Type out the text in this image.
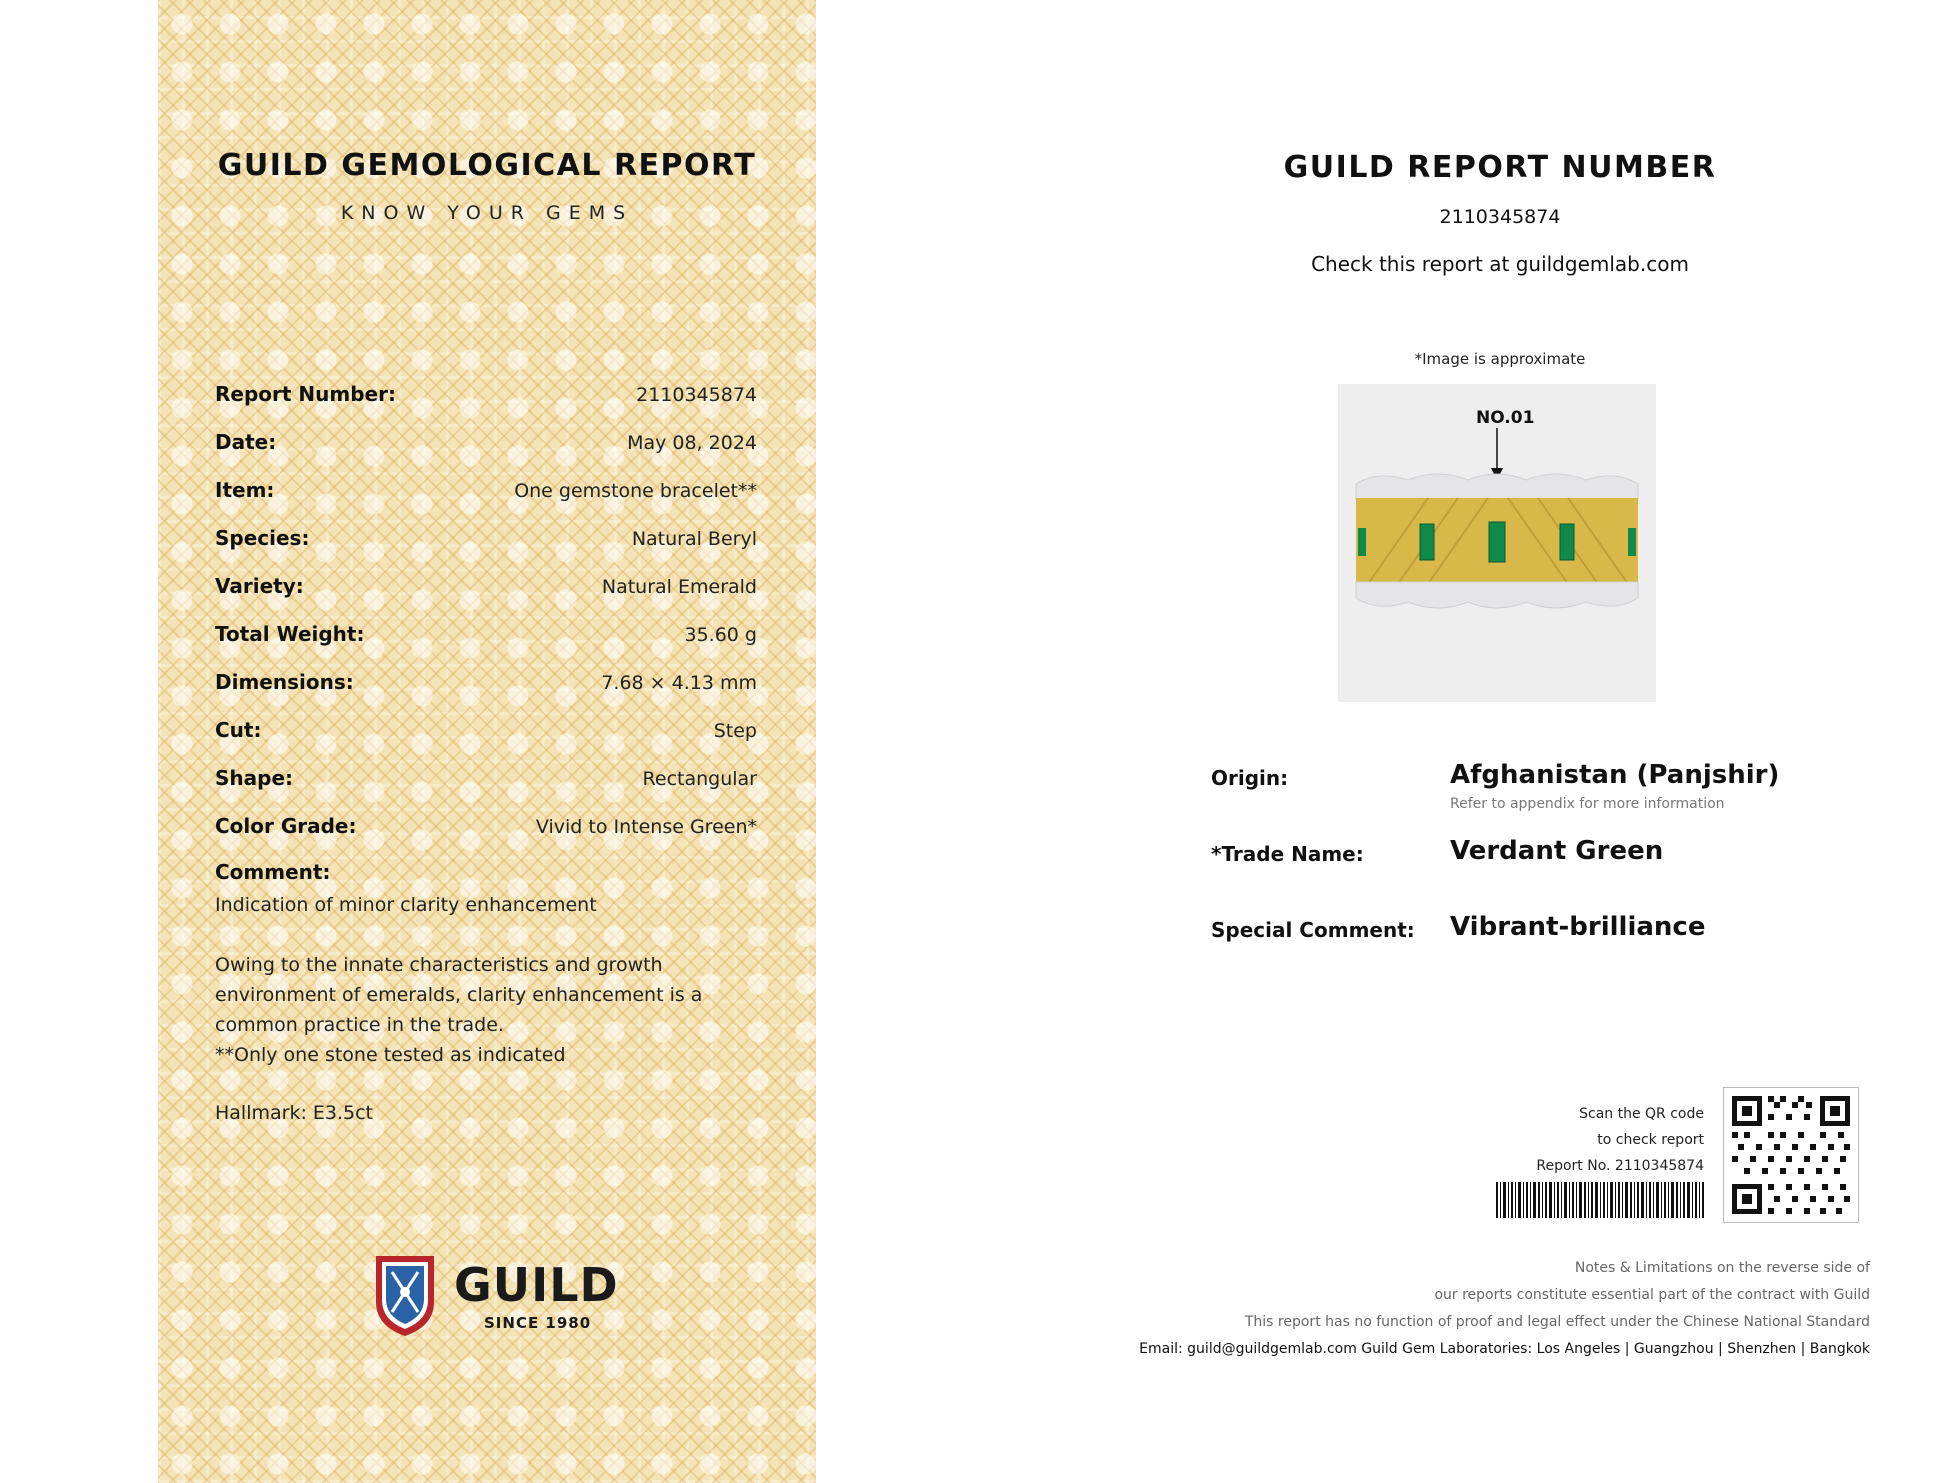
GUILD GEMOLOGICAL REPORT
KNOW YOUR GEMS
Report Number:	2110345874
Date:	May 08, 2024
Item:	One gemstone bracelet**
Species:	Natural Beryl
Variety:	Natural Emerald
Total Weight:	35.60 g
Dimensions:	7.68 × 4.13 mm
Cut:	Step
Shape:	Rectangular
Color Grade:	Vivid to Intense Green*
Comment:
Indication of minor clarity enhancement
Owing to the innate characteristics and growth
environment of emeralds, clarity enhancement is a
common practice in the trade.
**Only one stone tested as indicated
Hallmark: E3.5ct
GUILD
SINCE 1980
GUILD REPORT NUMBER
2110345874
Check this report at guildgemlab.com
*Image is approximate
NO.01
Origin:	Afghanistan (Panjshir)
Refer to appendix for more information
*Trade Name:	Verdant Green
Special Comment: Vibrant-brilliance
Scan the QR code
to check report
Report No. 2110345874
Notes & Limitations on the reverse side of
our reports constitute essential part of the contract with Guild
This report has no function of proof and legal effect under the Chinese National Standard
Email: guild@guildgemlab.com Guild Gem Laboratories: Los Angeles | Guangzhou | Shenzhen | Bangkok
